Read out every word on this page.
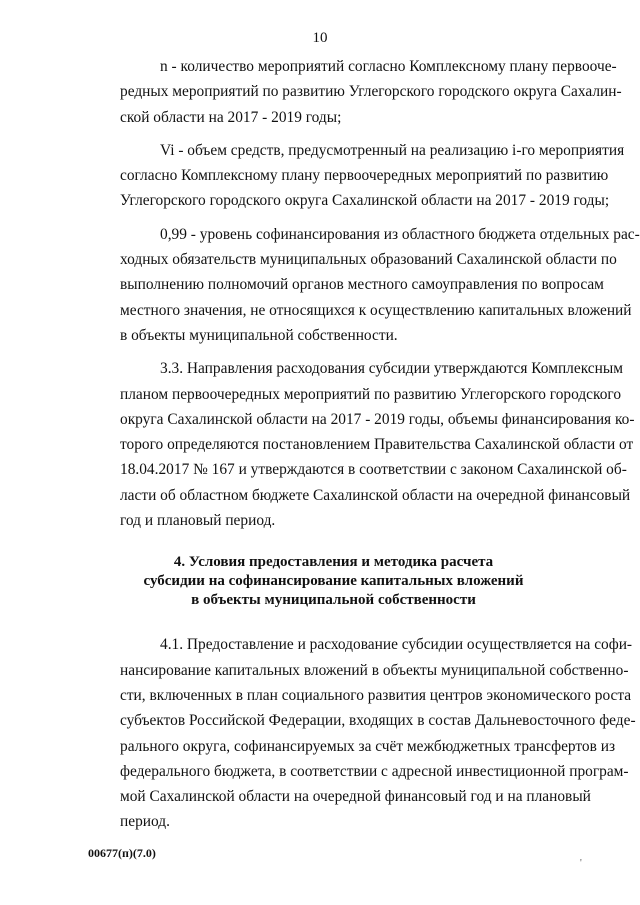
10
n - количество мероприятий согласно Комплексному плану первооче-
редных мероприятий по развитию Углегорского городского округа Сахалин-
ской области на 2017 - 2019 годы;
Vi - объем средств, предусмотренный на реализацию i-го мероприятия
согласно Комплексному плану первоочередных мероприятий по развитию
Углегорского городского округа Сахалинской области на 2017 - 2019 годы;
0,99 - уровень софинансирования из областного бюджета отдельных рас-
ходных обязательств муниципальных образований Сахалинской области по
выполнению полномочий органов местного самоуправления по вопросам
местного значения, не относящихся к осуществлению капитальных вложений
в объекты муниципальной собственности.
3.3. Направления расходования субсидии утверждаются Комплексным
планом первоочередных мероприятий по развитию Углегорского городского
округа Сахалинской области на 2017 - 2019 годы, объемы финансирования ко-
торого определяются постановлением Правительства Сахалинской области от
18.04.2017 № 167 и утверждаются в соответствии с законом Сахалинской об-
ласти об областном бюджете Сахалинской области на очередной финансовый
год и плановый период.
4. Условия предоставления и методика расчета
субсидии на софинансирование капитальных вложений
в объекты муниципальной собственности
4.1. Предоставление и расходование субсидии осуществляется на софи-
нансирование капитальных вложений в объекты муниципальной собственно-
сти, включенных в план социального развития центров экономического роста
субъектов Российской Федерации, входящих в состав Дальневосточного феде-
рального округа, софинансируемых за счёт межбюджетных трансфертов из
федерального бюджета, в соответствии с адресной инвестиционной програм-
мой Сахалинской области на очередной финансовый год и на плановый
период.
00677(п)(7.0)
'
